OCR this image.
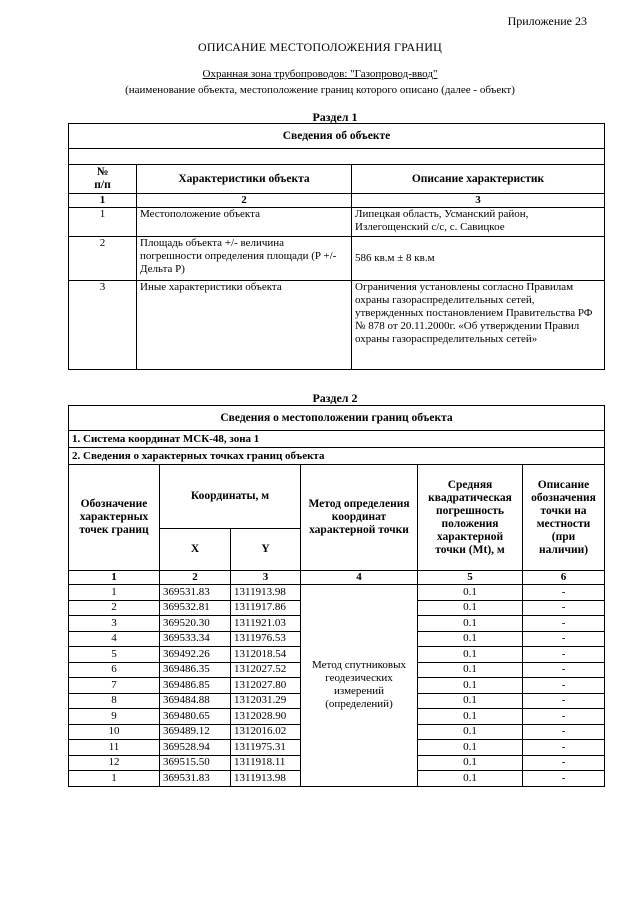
Приложение 23
ОПИСАНИЕ МЕСТОПОЛОЖЕНИЯ ГРАНИЦ
Охранная зона трубопроводов: "Газопровод-ввод"
(наименование объекта, местоположение границ которого описано (далее - объект)
Раздел 1
Сведения об объекте		

№
п/п	Характеристики объекта	Описание характеристик
1	2	3
1	Местоположение объекта	Липецкая область, Усманский район, Излегощенский с/с, с. Савицкое
2	Площадь объекта +/- величина погрешности определения площади (P +/- Дельта P)	586 кв.м ± 8 кв.м
3	Иные характеристики объекта	Ограничения установлены согласно Правилам охраны газораспределительных сетей, утвержденных постановлением Правительства РФ № 878 от 20.11.2000г. «Об утверждении Правил охраны газораспределительных сетей»
Раздел 2
Сведения о местоположении границ объекта					
1. Система координат МСК-48, зона 1					
2. Сведения о характерных точках границ объекта					
Обозначение характерных точек границ	Координаты, м		Метод определения координат характерной точки	Средняя квадратическая погрешность положения характерной точки (Mt), м	Описание обозначения точки на местности (при наличии)
	X	Y			
1	2	3	4	5	6
1	369531.83	1311913.98	Метод спутниковых геодезических измерений (определений)	0.1	-
2	369532.81	1311917.86		0.1	-
3	369520.30	1311921.03		0.1	-
4	369533.34	1311976.53		0.1	-
5	369492.26	1312018.54		0.1	-
6	369486.35	1312027.52		0.1	-
7	369486.85	1312027.80		0.1	-
8	369484.88	1312031.29		0.1	-
9	369480.65	1312028.90		0.1	-
10	369489.12	1312016.02		0.1	-
11	369528.94	1311975.31		0.1	-
12	369515.50	1311918.11		0.1	-
1	369531.83	1311913.98		0.1	-
